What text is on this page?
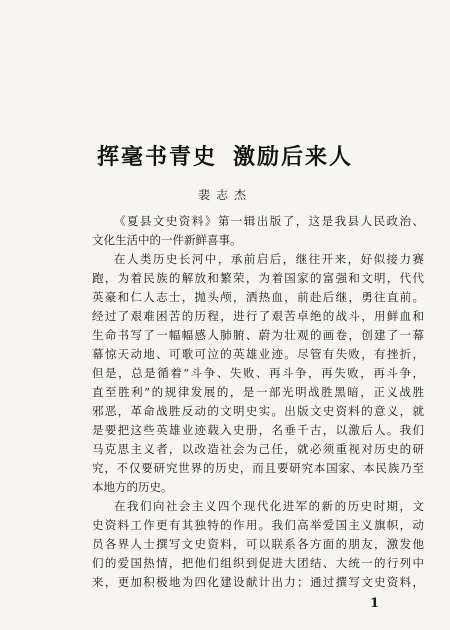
挥毫书青史 激励后来人
裴志杰
《夏县文史资料》第一辑出版了，这是我县人民政治、
文化生活中的一件新鲜喜事。
在人类历史长河中，承前启后，继往开来，好似接力赛
跑，为着民族的解放和繁荣，为着国家的富强和文明，代代
英豪和仁人志士，抛头颅，洒热血，前赴后继，勇往直前。
经过了艰难困苦的历程，进行了艰苦卓绝的战斗，用鲜血和
生命书写了一幅幅感人肺腑、蔚为壮观的画卷，创建了一幕
幕惊天动地、可歌可泣的英雄业迹。尽管有失败，有挫折，
但是，总是循着“斗争、失败、再斗争，再失败，再斗争，
直至胜利”的规律发展的，是一部光明战胜黑暗，正义战胜
邪恶，革命战胜反动的文明史实。出版文史资料的意义，就
是要把这些英雄业迹载入史册，名垂千古，以激后人。我们
马克思主义者，以改造社会为己任，就必须重视对历史的研
究，不仅要研究世界的历史，而且要研究本国家、本民族乃至
本地方的历史。
在我们向社会主义四个现代化进军的新的历史时期，文
史资料工作更有其独特的作用。我们高举爱国主义旗帜，动
员各界人士撰写文史资料，可以联系各方面的朋友，激发他
们的爱国热情，把他们组织到促进大团结、大统一的行列中
来，更加积极地为四化建设献计出力；通过撰写文史资料，
1
